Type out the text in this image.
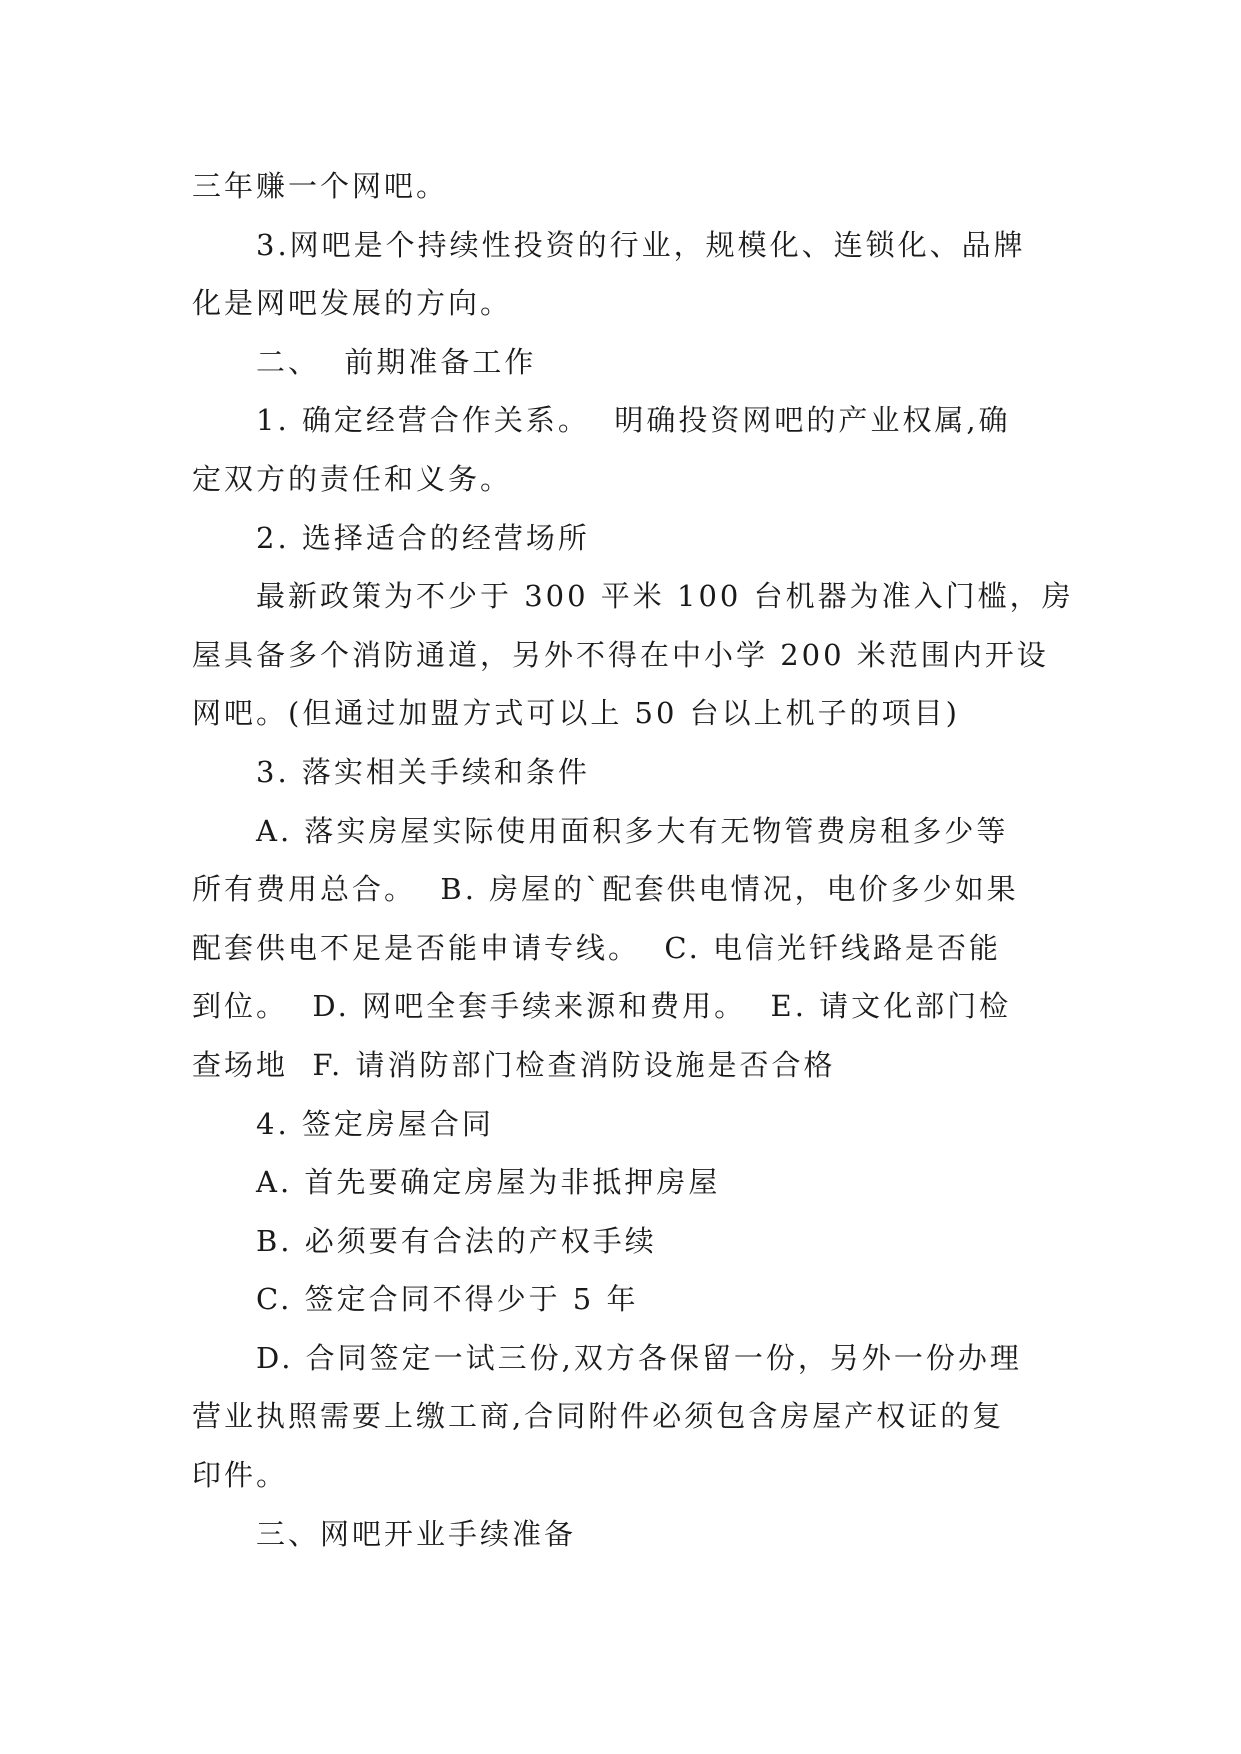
三年赚一个网吧。
3.网吧是个持续性投资的行业，规模化、连锁化、品牌
化是网吧发展的方向。
二、  前期准备工作
1. 确定经营合作关系。  明确投资网吧的产业权属,确
定双方的责任和义务。
2. 选择适合的经营场所
最新政策为不少于 300 平米 100 台机器为准入门槛，房
屋具备多个消防通道，另外不得在中小学 200 米范围内开设
网吧。(但通过加盟方式可以上 50 台以上机子的项目)
3. 落实相关手续和条件
A. 落实房屋实际使用面积多大有无物管费房租多少等
所有费用总合。  B. 房屋的`配套供电情况，电价多少如果
配套供电不足是否能申请专线。  C. 电信光钎线路是否能
到位。  D. 网吧全套手续来源和费用。  E. 请文化部门检
查场地  F. 请消防部门检查消防设施是否合格
4. 签定房屋合同
A. 首先要确定房屋为非抵押房屋
B. 必须要有合法的产权手续
C. 签定合同不得少于 5 年
D. 合同签定一试三份,双方各保留一份，另外一份办理
营业执照需要上缴工商,合同附件必须包含房屋产权证的复
印件。
三、网吧开业手续准备
